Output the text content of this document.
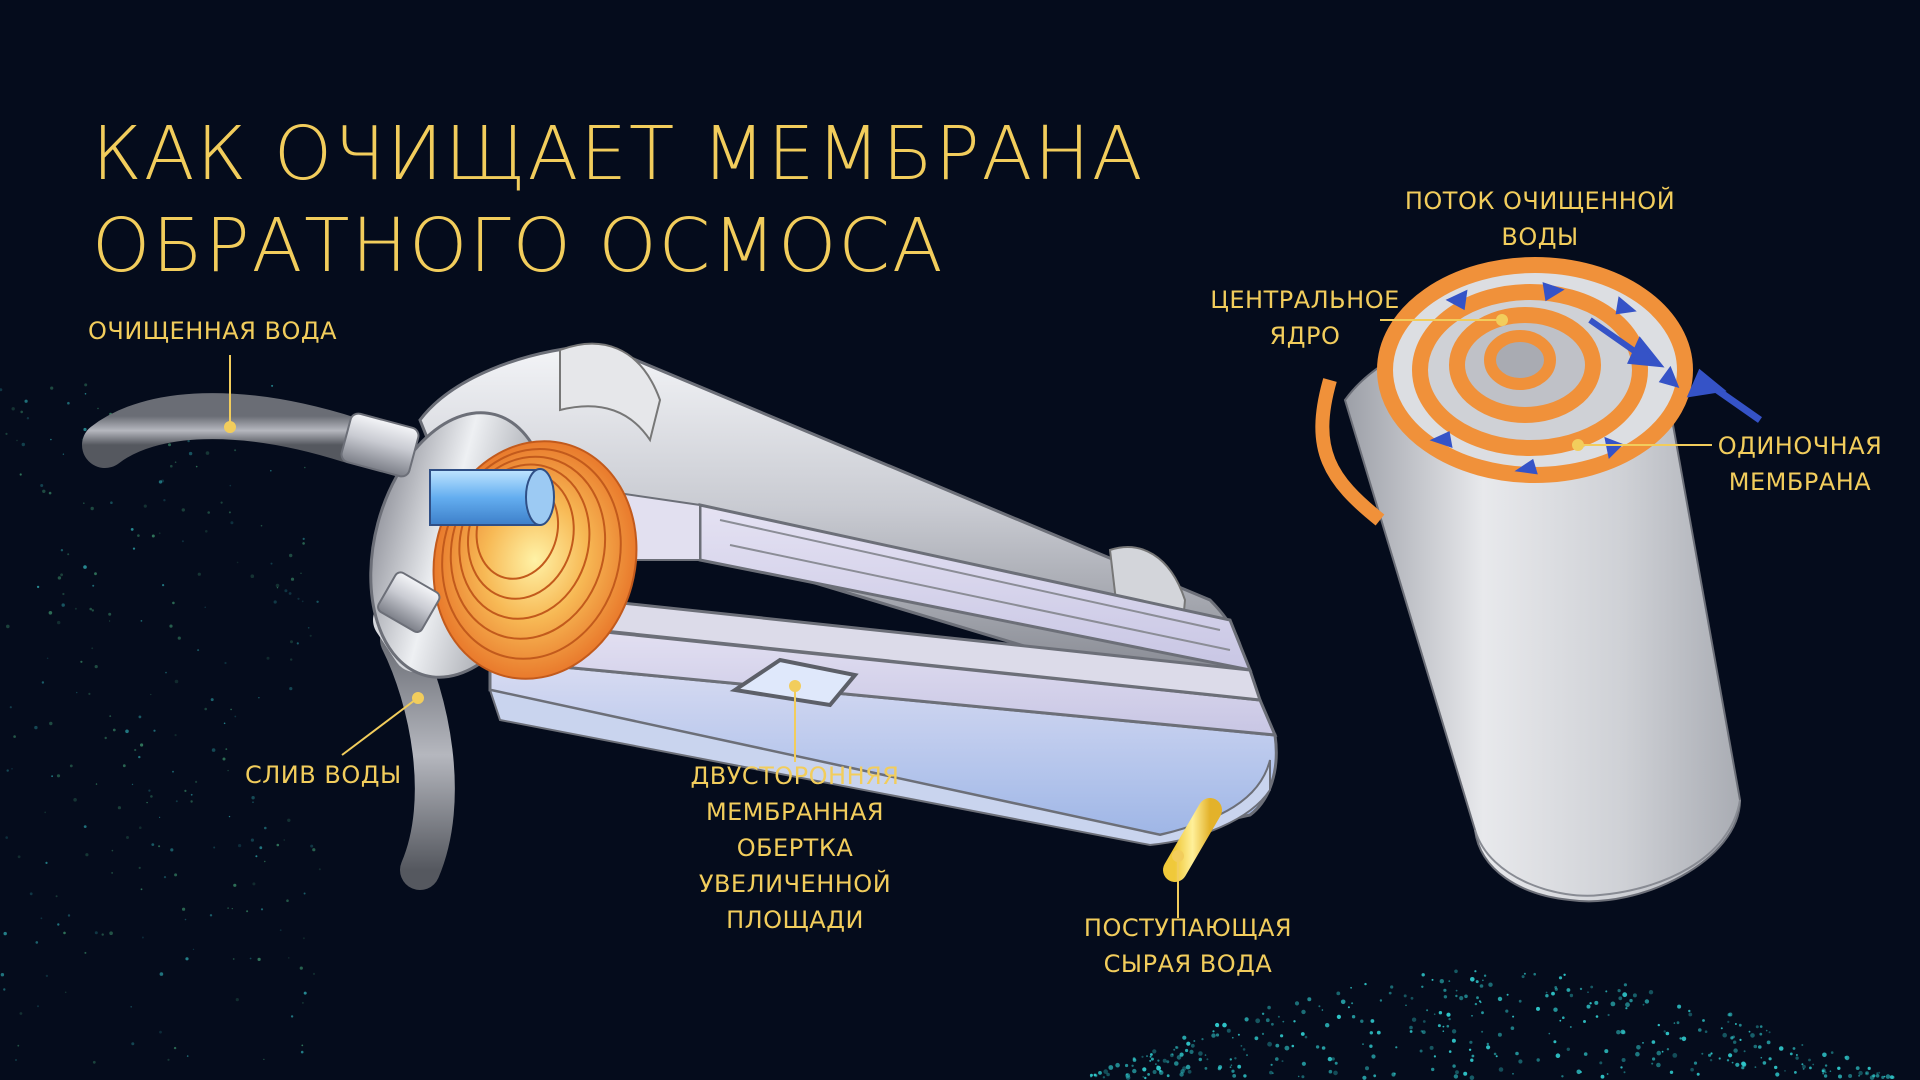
КАК ОЧИЩАЕТ МЕМБРАНА
ОБРАТНОГО ОСМОСА
ОЧИЩЕННАЯ ВОДА
СЛИВ ВОДЫ	ДВУСТОРОННЯЯ
МЕМБРАННАЯ
ОБЕРТКА
УВЕЛИЧЕННОЙ
ПЛОЩАДИ	ПОСТУПАЮЩАЯ
СЫРАЯ ВОДА
ПОТОК ОЧИЩЕННОЙ
ВОДЫ
ЦЕНТРАЛЬНОЕ
ЯДРО
ОДИНОЧНАЯ
МЕМБРАНА
